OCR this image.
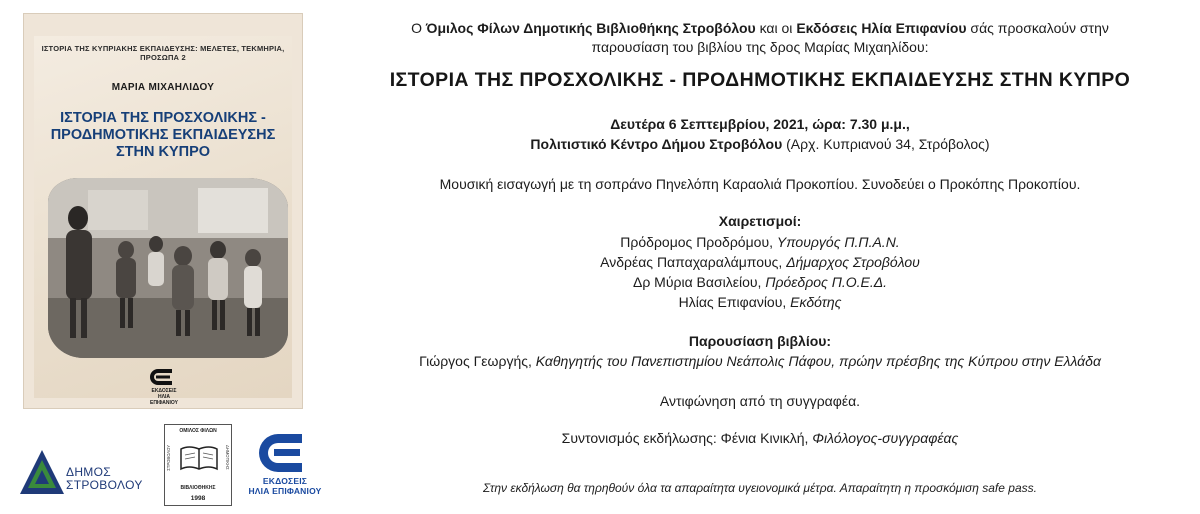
ΙΣΤΟΡΙΑ ΤΗΣ ΚΥΠΡΙΑΚΗΣ ΕΚΠΑΙΔΕΥΣΗΣ: ΜΕΛΕΤΕΣ, ΤΕΚΜΗΡΙΑ, ΠΡΟΣΩΠΑ 2
ΜΑΡΙΑ ΜΙΧΑΗΛΙΔΟΥ
ΙΣΤΟΡΙΑ ΤΗΣ ΠΡΟΣΧΟΛΙΚΗΣ -
ΠΡΟΔΗΜΟΤΙΚΗΣ ΕΚΠΑΙΔΕΥΣΗΣ
ΣΤΗΝ ΚΥΠΡΟ
ΕΚΔΟΣΕΙΣ
ΗΛΙΑ ΕΠΙΦΑΝΙΟΥ
ΔΗΜΟΣ
ΣΤΡΟΒΟΛΟΥ
ΟΜΙΛΟΣ ΦΙΛΩΝ
ΣΤΡΟΒΟΛΟΥ	ΔΗΜΟΤΙΚΗΣ
ΒΙΒΛΙΟΘΗΚΗΣ
1998
ΕΚΔΟΣΕΙΣ
ΗΛΙΑ ΕΠΙΦΑΝΙΟΥ
Ο Όμιλος Φίλων Δημοτικής Βιβλιοθήκης Στροβόλου και οι Εκδόσεις Ηλία Επιφανίου σάς προσκαλούν στην
παρουσίαση του βιβλίου της δρος Μαρίας Μιχαηλίδου:
ΙΣΤΟΡΙΑ ΤΗΣ ΠΡΟΣΧΟΛΙΚΗΣ - ΠΡΟΔΗΜΟΤΙΚΗΣ ΕΚΠΑΙΔΕΥΣΗΣ ΣΤΗΝ ΚΥΠΡΟ
Δευτέρα 6 Σεπτεμβρίου, 2021, ώρα: 7.30 μ.μ.,
Πολιτιστικό Κέντρο Δήμου Στροβόλου (Αρχ. Κυπριανού 34, Στρόβολος)
Μουσική εισαγωγή με τη σοπράνο Πηνελόπη Καραολιά Προκοπίου. Συνοδεύει ο Προκόπης Προκοπίου.
Χαιρετισμοί:
Πρόδρομος Προδρόμου, Υπουργός Π.Π.Α.Ν.
Ανδρέας Παπαχαραλάμπους, Δήμαρχος Στροβόλου
Δρ Μύρια Βασιλείου, Πρόεδρος Π.Ο.Ε.Δ.
Ηλίας Επιφανίου, Εκδότης
Παρουσίαση βιβλίου:
Γιώργος Γεωργής, Καθηγητής του Πανεπιστημίου Νεάπολις Πάφου, πρώην πρέσβης της Κύπρου στην Ελλάδα
Αντιφώνηση από τη συγγραφέα.
Συντονισμός εκδήλωσης: Φένια Κινικλή, Φιλόλογος-συγγραφέας
Στην εκδήλωση θα τηρηθούν όλα τα απαραίτητα υγειονομικά μέτρα. Απαραίτητη η προσκόμιση safe pass.
